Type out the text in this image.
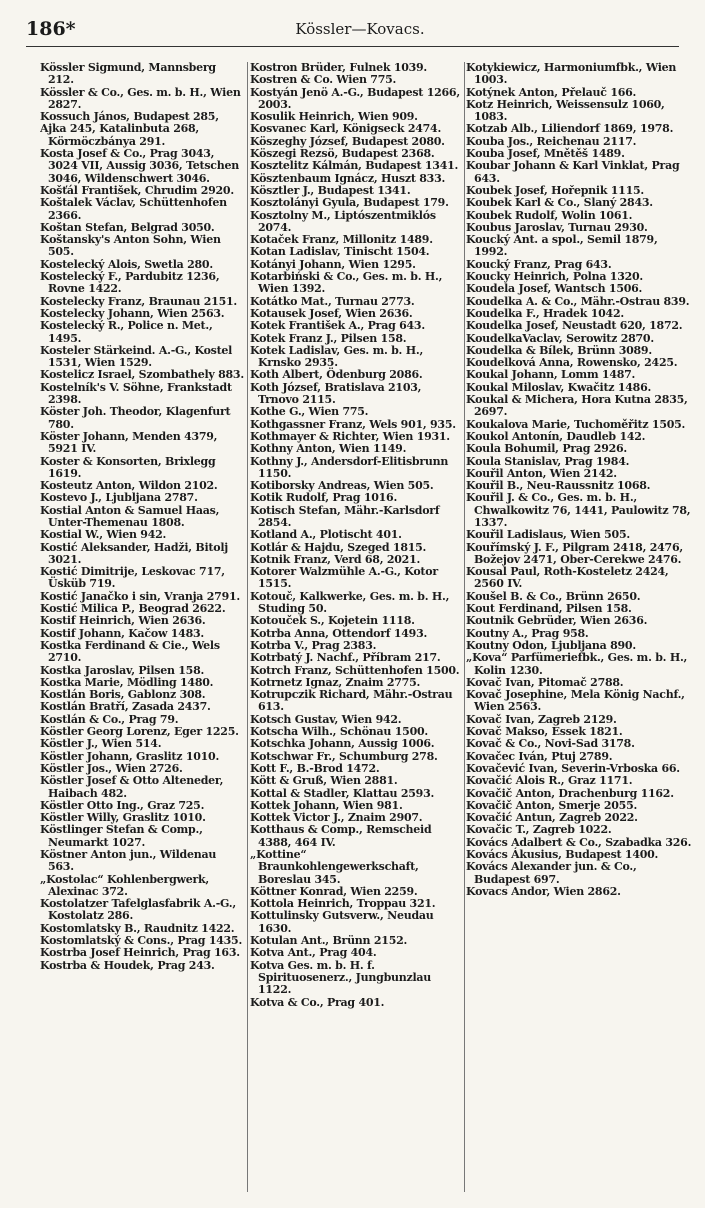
186*	Kössler—Kovacs.

Kössler Sigmund, Mannsberg 212.

Kössler & Co., Ges. m. b. H., Wien 2827.

Kossuch János, Budapest 285,

Ajka 245, Katalinbuta 268, Körmöczbánya 291.

Kosta Josef & Co., Prag 3043, 3024 VII, Aussig 3036, Tetschen 3046, Wildenschwert 3046.

Košťál František, Chrudim 2920.

Koštalek Václav, Schüttenhofen 2366.

Koštan Stefan, Belgrad 3050.

Koštansky's Anton Sohn, Wien 505.

Kostelecký Alois, Swetla 280.

Kostelecký F., Pardubitz 1236, Rovne 1422.

Kostelecky Franz, Braunau 2151.

Kostelecky Johann, Wien 2563.

Kostelecký R., Police n. Met., 1495.

Kosteler Stärkeind. A.-G., Kostel 1531, Wien 1529.

Kostelicz Israel, Szombathely 883.

Kostelník's V. Söhne, Frankstadt 2398.

Köster Joh. Theodor, Klagenfurt 780.

Köster Johann, Menden 4379, 5921 IV.

Koster & Konsorten, Brixlegg 1619.

Kosteutz Anton, Wildon 2102.

Kostevo J., Ljubljana 2787.

Kostial Anton & Samuel Haas, Unter-Themenau 1808.

Kostial W., Wien 942.

Kostić Aleksander, Hadži, Bitolj 3021.

Kostić Dimitrije, Leskovac 717, Üsküb 719.

Kostić Janačko i sin, Vranja 2791.

Kostić Milica P., Beograd 2622.

Kostif Heinrich, Wien 2636.

Kostif Johann, Kačow 1483.

Kostka Ferdinand & Cie., Wels 2710.

Kostka Jaroslav, Pilsen 158.

Kostka Marie, Mödling 1480.

Kostlán Boris, Gablonz 308.

Kostlán Bratří, Zasada 2437.

Kostlán & Co., Prag 79.

Köstler Georg Lorenz, Eger 1225.

Köstler J., Wien 514.

Köstler Johann, Graslitz 1010.

Köstler Jos., Wien 2726.

Köstler Josef & Otto Alteneder, Haibach 482.

Köstler Otto Ing., Graz 725.

Köstler Willy, Graslitz 1010.

Köstlinger Stefan & Comp., Neumarkt 1027.

Köstner Anton jun., Wildenau 563.

„Kostolac“ Kohlenbergwerk, Alexinac 372.

Kostolatzer Tafelglasfabrik A.-G., Kostolatz 286.

Kostomlatsky B., Raudnitz 1422.

Kostomlatský & Cons., Prag 1435.

Kostrba Josef Heinrich, Prag 163.

Kostrba & Houdek, Prag 243.

Kostron Brüder, Fulnek 1039.

Kostren & Co. Wien 775.

Kostyán Jenö A.-G., Budapest 1266, 2003.

Kosulik Heinrich, Wien 909.

Kosvanec Karl, Königseck 2474.

Köszeghy József, Budapest 2080.

Köszegi Rezsö, Budapest 2368.

Kosztelitz Kálmán, Budapest 1341.

Kösztenbaum Ignácz, Huszt 833.

Kösztler J., Budapest 1341.

Kosztolányi Gyula, Budapest 179.

Kosztolny M., Liptószentmiklós 2074.

Kotaček Franz, Millonitz 1489.

Kotan Ladislav, Tinischt 1504.

Kotányi Johann, Wien 1295.

Kotarbiński & Co., Ges. m. b. H., Wien 1392.

Kotátko Mat., Turnau 2773.

Kotausek Josef, Wien 2636.

Kotek František A., Prag 643.

Kotek Franz J., Pilsen 158.

Kotek Ladislav, Ges. m. b. H., Krnsko 2935.

Koth Albert, Ödenburg 2086.

Koth József, Bratislava 2103, Trnovo 2115.

Kothe G., Wien 775.

Kothgassner Franz, Wels 901, 935.

Kothmayer & Richter, Wien 1931.

Kothny Anton, Wien 1149.

Kothny J., Andersdorf-Elitisbrunn 1150.

Kotiborsky Andreas, Wien 505.

Kotik Rudolf, Prag 1016.

Kotisch Stefan, Mähr.-Karlsdorf 2854.

Kotland A., Plotischt 401.

Kotlár & Hajdu, Szeged 1815.

Kotnik Franz, Verd 68, 2021.

Kotorer Walzmühle A.-G., Kotor 1515.

Kotouč, Kalkwerke, Ges. m. b. H., Studing 50.

Kotouček S., Kojetein 1118.

Kotrba Anna, Ottendorf 1493.

Kotrba V., Prag 2383.

Kotrbatý J. Nachf., Příbram 217.

Kotrch Franz, Schüttenhofen 1500.

Kotrnetz Ignaz, Znaim 2775.

Kotrupczik Richard, Mähr.-Ostrau 613.

Kotsch Gustav, Wien 942.

Kotscha Wilh., Schönau 1500.

Kotschka Johann, Aussig 1006.

Kotschwar Fr., Schumburg 278.

Kott F., B.-Brod 1472.

Kött & Gruß, Wien 2881.

Kottal & Stadler, Klattau 2593.

Kottek Johann, Wien 981.

Kottek Victor J., Znaim 2907.

Kotthaus & Comp., Remscheid 4388, 464 IV.

„Kottine“ Braunkohlengewerkschaft, Boreslau 345.

Köttner Konrad, Wien 2259.

Kottola Heinrich, Troppau 321.

Kottulinsky Gutsverw., Neudau 1630.

Kotulan Ant., Brünn 2152.

Kotva Ant., Prag 404.

Kotva Ges. m. b. H. f. Spirituosenerz., Jungbunzlau 1122.

Kotva & Co., Prag 401.

Kotykiewicz, Harmoniumfbk., Wien 1003.

Kotýnek Anton, Přelauč 166.

Kotz Heinrich, Weissensulz 1060, 1083.

Kotzab Alb., Liliendorf 1869, 1978.

Kouba Jos., Reichenau 2117.

Kouba Josef, Mnětěš 1489.

Koubar Johann & Karl Vinklat, Prag 643.

Koubek Josef, Hořepnik 1115.

Koubek Karl & Co., Slaný 2843.

Koubek Rudolf, Wolin 1061.

Koubus Jaroslav, Turnau 2930.

Koucký Ant. a spol., Semil 1879, 1992.

Koucký Franz, Prag 643.

Koucky Heinrich, Polna 1320.

Koudela Josef, Wantsch 1506.

Koudelka A. & Co., Mähr.-Ostrau 839.

Koudelka F., Hradek 1042.

Koudelka Josef, Neustadt 620, 1872.

KoudelkaVaclav, Serowitz 2870.

Koudelka & Bílek, Brünn 3089.

Koudelková Anna, Rowensko, 2425.

Koukal Johann, Lomm 1487.

Koukal Miloslav, Kwačitz 1486.

Koukal & Michera, Hora Kutna 2835, 2697.

Koukalova Marie, Tuchoměřitz 1505.

Koukol Antonín, Daudleb 142.

Koula Bohumil, Prag 2926.

Koula Stanislav, Prag 1984.

Kouřil Anton, Wien 2142.

Kouřil B., Neu-Raussnitz 1068.

Kouřil J. & Co., Ges. m. b. H., Chwalkowitz 76, 1441, Paulowitz 78, 1337.

Kouřil Ladislaus, Wien 505.

Kouřímský J. F., Pilgram 2418, 2476, Božejov 2471, Ober-Cerekwe 2476.

Kousal Paul, Roth-Kosteletz 2424, 2560 IV.

Koušel B. & Co., Brünn 2650.

Kout Ferdinand, Pilsen 158.

Koutnik Gebrüder, Wien 2636.

Koutny A., Prag 958.

Koutny Odon, Ljubljana 890.

„Kova“ Parfümeriefbk., Ges. m. b. H., Kolin 1230.

Kovač Ivan, Pitomač 2788.

Kovač Josephine, Mela König Nachf., Wien 2563.

Kovač Ivan, Zagreb 2129.

Kovač Makso, Essek 1821.

Kovač & Co., Novi-Sad 3178.

Kovačec Iván, Ptuj 2789.

Kovačević Ivan, Severin-Vrboska 66.

Kovačić Alois R., Graz 1171.

Kovačič Anton, Drachenburg 1162.

Kovačič Anton, Smerje 2055.

Kovačić Antun, Zagreb 2022.

Kovačic T., Zagreb 1022.

Kovács Adalbert & Co., Szabadka 326.

Kovács Ákusius, Budapest 1400.

Kovács Alexander jun. & Co., Budapest 697.

Kovacs Andor, Wien 2862.
